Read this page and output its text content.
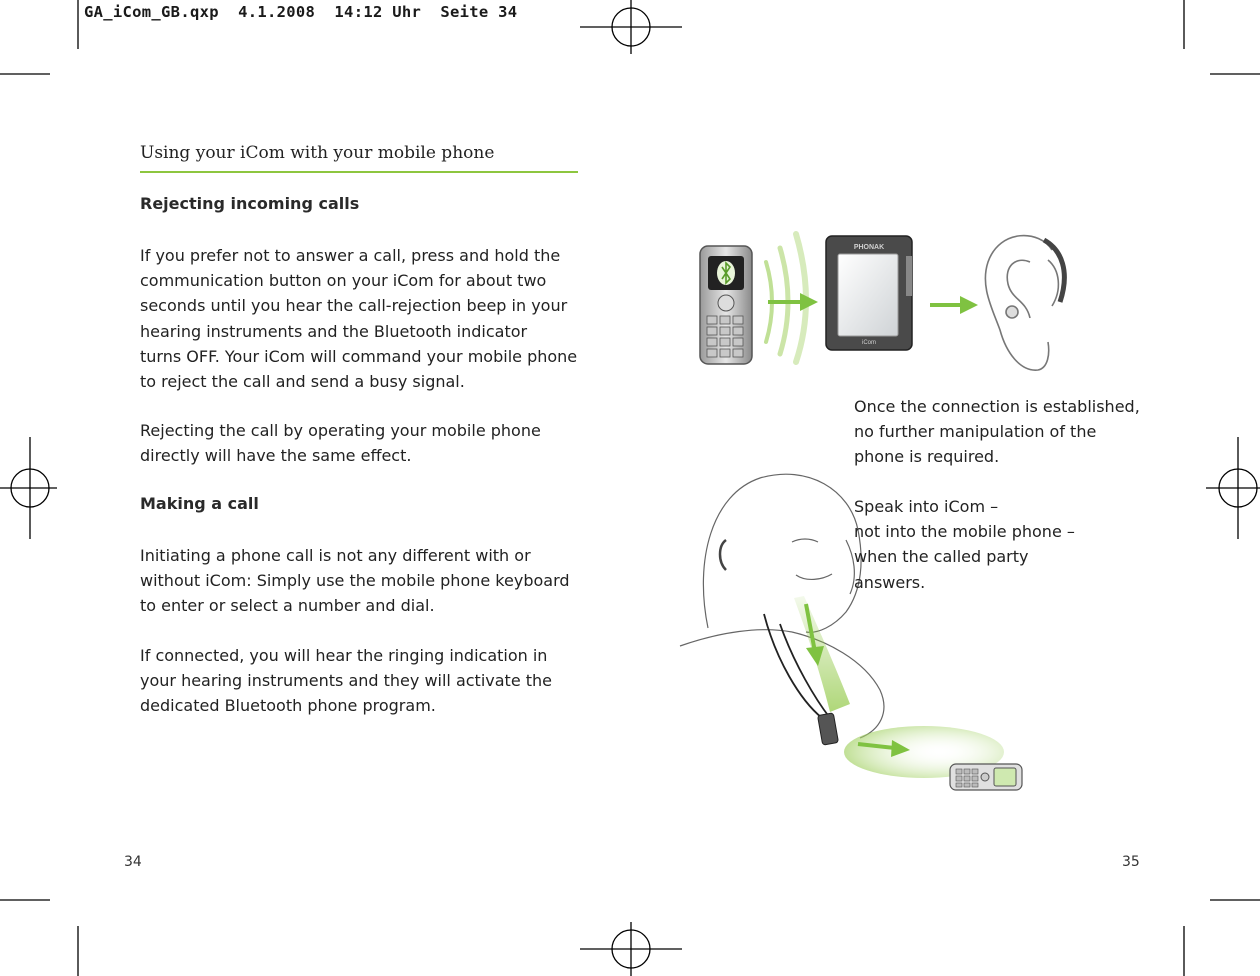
GA_iCom_GB.qxp  4.1.2008  14:12 Uhr  Seite 34
Using your iCom with your mobile phone
Rejecting incoming calls

If you prefer not to answer a call, press and hold the
communication button on your iCom for about two
seconds until you hear the call-rejection beep in your
hearing instruments and the Bluetooth indicator
turns OFF. Your iCom will command your mobile phone
to reject the call and send a busy signal.

Rejecting the call by operating your mobile phone
directly will have the same effect.

Making a call

Initiating a phone call is not any different with or
without iCom: Simply use the mobile phone keyboard
to enter or select a number and dial.

If connected, you will hear the ringing indication in
your hearing instruments and they will activate the
dedicated Bluetooth phone program.

PHONAK
iCom

Once the connection is established,
no further manipulation of the
phone is required.

Speak into iCom –
not into the mobile phone –
when the called party
answers.

34	35
